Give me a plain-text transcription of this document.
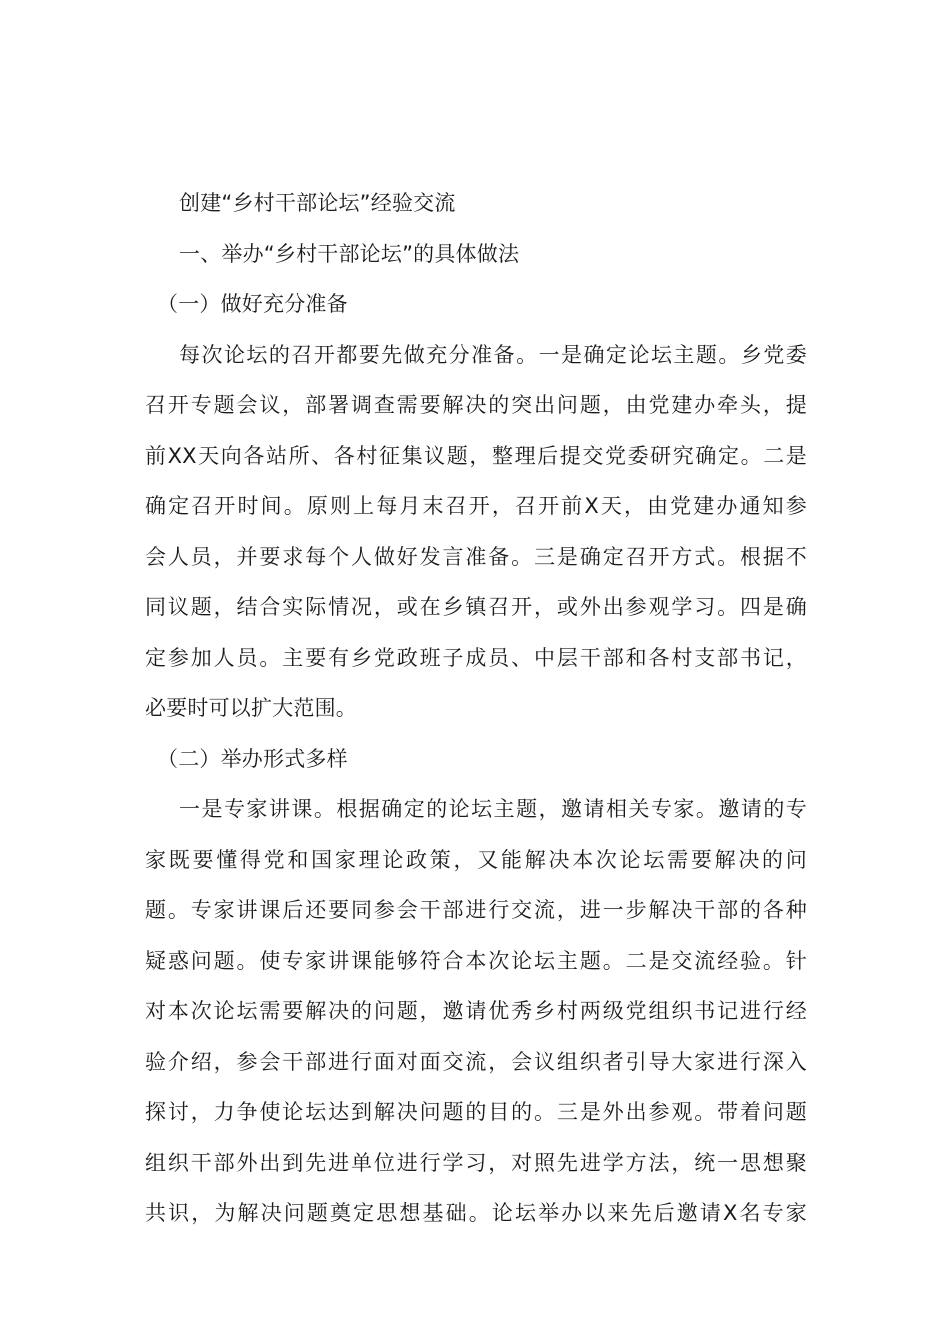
创建“乡村干部论坛”经验交流
一、举办“乡村干部论坛”的具体做法
（一）做好充分准备
每次论坛的召开都要先做充分准备。一是确定论坛主题。乡党委
召开专题会议，部署调查需要解决的突出问题，由党建办牵头，提
前XX天向各站所、各村征集议题，整理后提交党委研究确定。二是
确定召开时间。原则上每月末召开，召开前X天，由党建办通知参
会人员，并要求每个人做好发言准备。三是确定召开方式。根据不
同议题，结合实际情况，或在乡镇召开，或外出参观学习。四是确
定参加人员。主要有乡党政班子成员、中层干部和各村支部书记，
必要时可以扩大范围。
（二）举办形式多样
一是专家讲课。根据确定的论坛主题，邀请相关专家。邀请的专
家既要懂得党和国家理论政策，又能解决本次论坛需要解决的问
题。专家讲课后还要同参会干部进行交流，进一步解决干部的各种
疑惑问题。使专家讲课能够符合本次论坛主题。二是交流经验。针
对本次论坛需要解决的问题，邀请优秀乡村两级党组织书记进行经
验介绍，参会干部进行面对面交流，会议组织者引导大家进行深入
探讨，力争使论坛达到解决问题的目的。三是外出参观。带着问题
组织干部外出到先进单位进行学习，对照先进学方法，统一思想聚
共识，为解决问题奠定思想基础。论坛举办以来先后邀请X名专家
